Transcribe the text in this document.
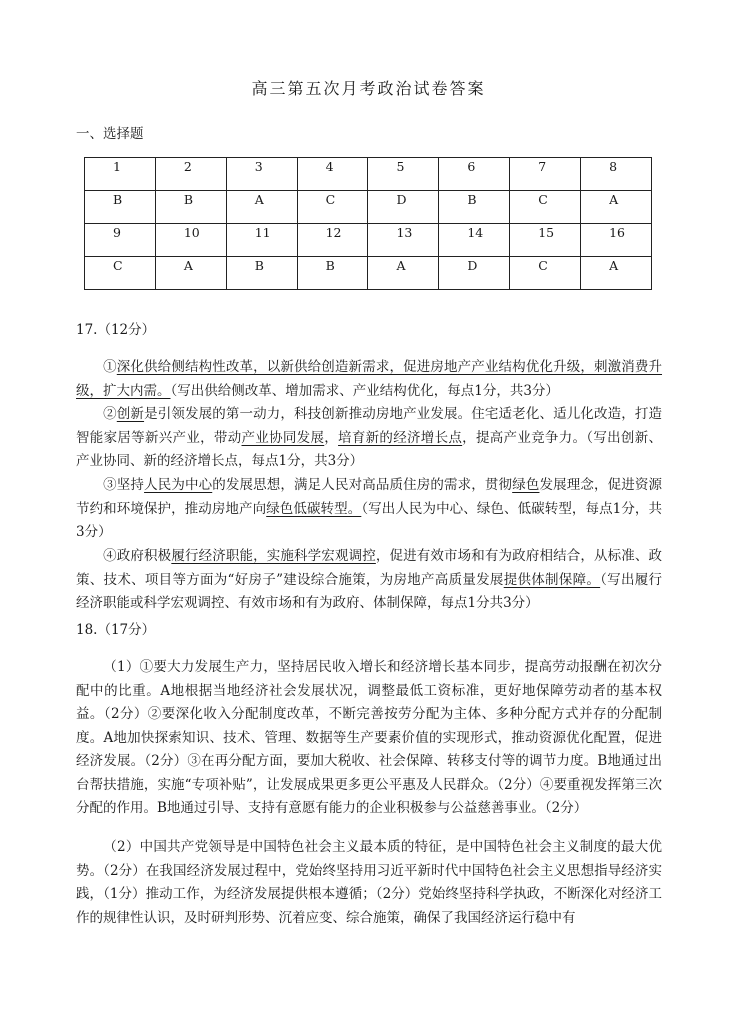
高三第五次月考政治试卷答案
一、选择题
1	2	3	4	5	6	7	8
B	B	A	C	D	B	C	A
9	10	11	12	13	14	15	16
C	A	B	B	A	D	C	A
17.（12分）

①深化供给侧结构性改革，以新供给创造新需求，促进房地产产业结构优化升级，刺激消费升级，扩大内需。（写出供给侧改革、增加需求、产业结构优化，每点1分，共3分）

②创新是引领发展的第一动力，科技创新推动房地产业发展。住宅适老化、适儿化改造，打造智能家居等新兴产业，带动产业协同发展，培育新的经济增长点，提高产业竞争力。（写出创新、产业协同、新的经济增长点，每点1分，共3分）

③坚持人民为中心的发展思想，满足人民对高品质住房的需求，贯彻绿色发展理念，促进资源节约和环境保护，推动房地产向绿色低碳转型。（写出人民为中心、绿色、低碳转型，每点1分，共3分）

④政府积极履行经济职能，实施科学宏观调控，促进有效市场和有为政府相结合，从标准、政策、技术、项目等方面为“好房子”建设综合施策，为房地产高质量发展提供体制保障。（写出履行经济职能或科学宏观调控、有效市场和有为政府、体制保障，每点1分共3分）

18.（17分）

（1）①要大力发展生产力，坚持居民收入增长和经济增长基本同步，提高劳动报酬在初次分配中的比重。A地根据当地经济社会发展状况，调整最低工资标准，更好地保障劳动者的基本权益。（2分）②要深化收入分配制度改革，不断完善按劳分配为主体、多种分配方式并存的分配制度。A地加快探索知识、技术、管理、数据等生产要素价值的实现形式，推动资源优化配置，促进经济发展。（2分）③在再分配方面，要加大税收、社会保障、转移支付等的调节力度。B地通过出台帮扶措施，实施“专项补贴”，让发展成果更多更公平惠及人民群众。（2分）④要重视发挥第三次分配的作用。B地通过引导、支持有意愿有能力的企业积极参与公益慈善事业。（2分）

（2）中国共产党领导是中国特色社会主义最本质的特征，是中国特色社会主义制度的最大优势。（2分）在我国经济发展过程中，党始终坚持用习近平新时代中国特色社会主义思想指导经济实践，（1分）推动工作，为经济发展提供根本遵循；（2分）党始终坚持科学执政，不断深化对经济工作的规律性认识，及时研判形势、沉着应变、综合施策，确保了我国经济运行稳中有
